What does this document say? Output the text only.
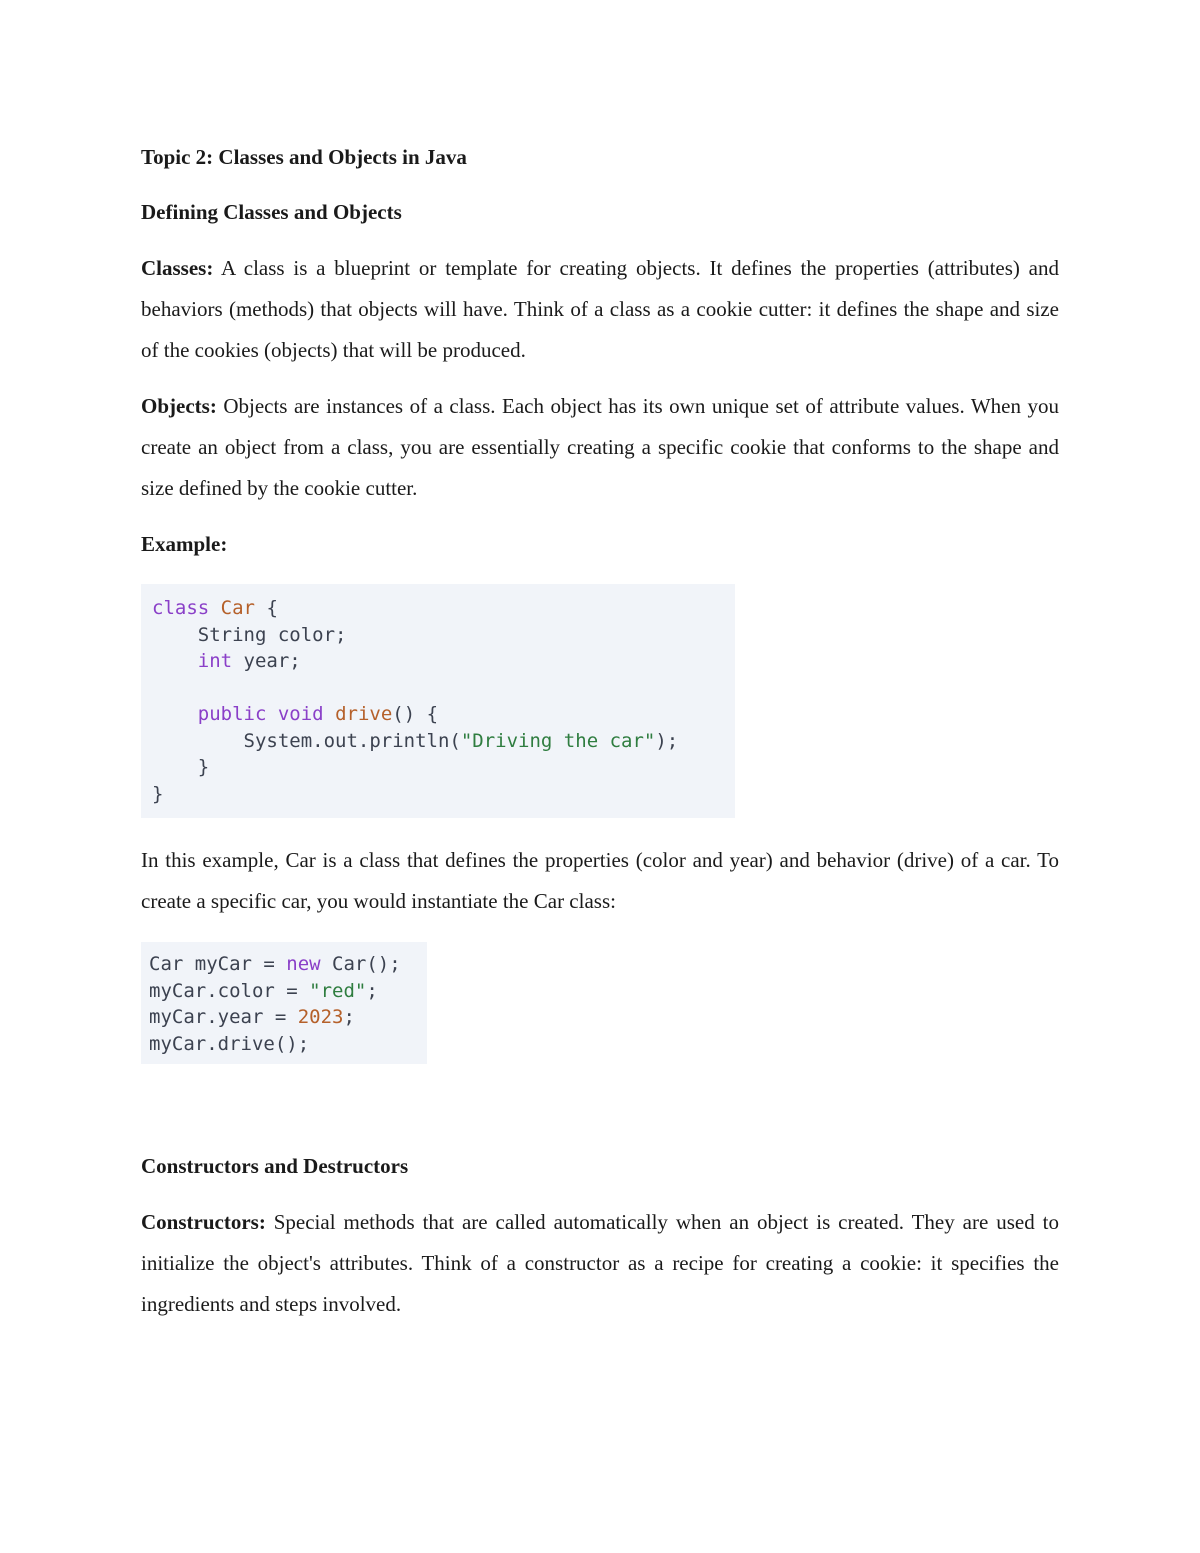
Topic 2: Classes and Objects in Java
Defining Classes and Objects
Classes: A class is a blueprint or template for creating objects. It defines the properties (attributes) and behaviors (methods) that objects will have. Think of a class as a cookie cutter: it defines the shape and size of the cookies (objects) that will be produced.
Objects: Objects are instances of a class. Each object has its own unique set of attribute values. When you create an object from a class, you are essentially creating a specific cookie that conforms to the shape and size defined by the cookie cutter.
Example:
class Car {
String color;
int year;

public void drive() {
System.out.println("Driving the car");
}
}
In this example, Car is a class that defines the properties (color and year) and behavior (drive) of a car. To create a specific car, you would instantiate the Car class:
Car myCar = new Car();
myCar.color = "red";
myCar.year = 2023;
myCar.drive();
Constructors and Destructors
Constructors: Special methods that are called automatically when an object is created. They are used to initialize the object's attributes. Think of a constructor as a recipe for creating a cookie: it specifies the ingredients and steps involved.
